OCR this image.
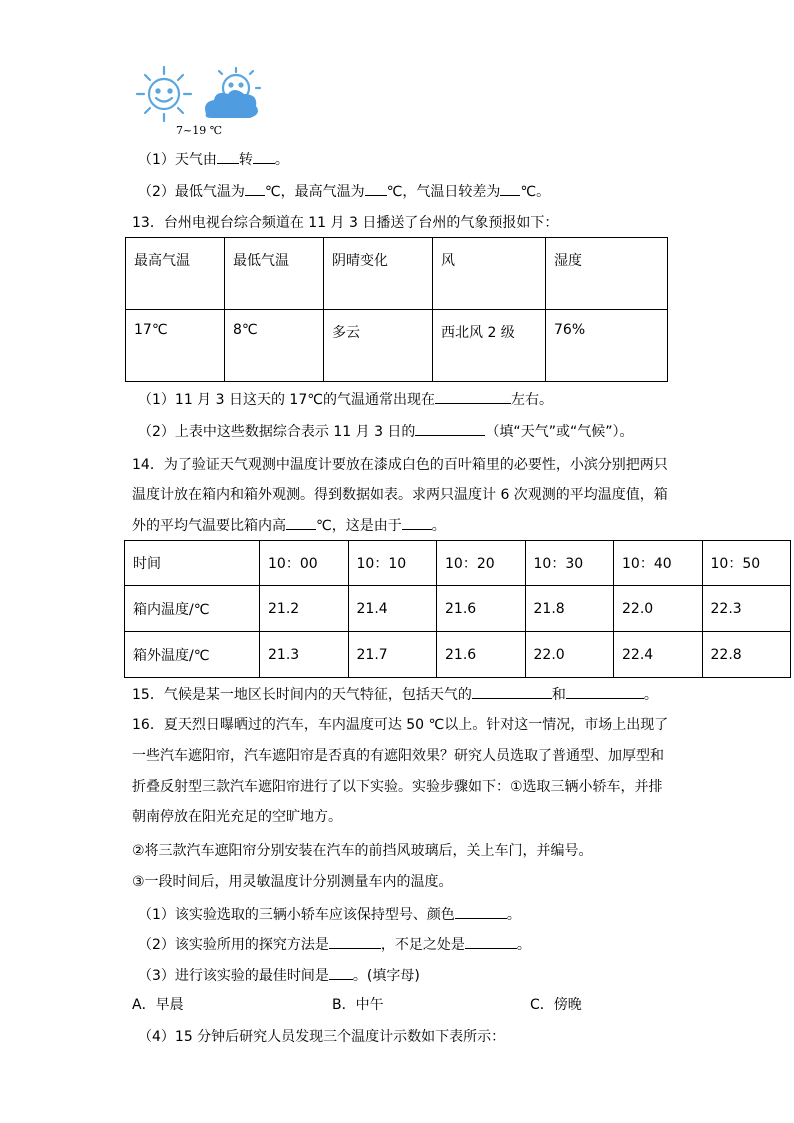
7~19 ℃
（1）天气由 转 。
（2）最低气温为 ℃，最高气温为 ℃，气温日较差为 ℃。
13．台州电视台综合频道在 11 月 3 日播送了台州的气象预报如下：
最高气温	最低气温	阴晴变化	风	湿度
17℃	8℃	多云	西北风 2 级	76%
（1）11 月 3 日这天的 17℃的气温通常出现在	左右。
（2）上表中这些数据综合表示 11 月 3 日的	（填“天气”或“气候”）。
14．为了验证天气观测中温度计要放在漆成白色的百叶箱里的必要性，小滨分别把两只
温度计放在箱内和箱外观测。得到数据如表。求两只温度计 6 次观测的平均温度值，箱
外的平均气温要比箱内高 ℃，这是由于 。
时间	10：00	10：10	10：20	10：30	10：40	10：50
箱内温度/℃	21.2	21.4	21.6	21.8	22.0	22.3
箱外温度/℃	21.3	21.7	21.6	22.0	22.4	22.8
15．气候是某一地区长时间内的天气特征，包括天气的	和	。
16．夏天烈日曝晒过的汽车，车内温度可达 50 ℃以上。针对这一情况，市场上出现了
一些汽车遮阳帘，汽车遮阳帘是否真的有遮阳效果？研究人员选取了普通型、加厚型和
折叠反射型三款汽车遮阳帘进行了以下实验。实验步骤如下：①选取三辆小轿车，并排
朝南停放在阳光充足的空旷地方。
②将三款汽车遮阳帘分别安装在汽车的前挡风玻璃后，关上车门，并编号。
③一段时间后，用灵敏温度计分别测量车内的温度。
（1）该实验选取的三辆小轿车应该保持型号、颜色	。
（2）该实验所用的探究方法是	，不足之处是	。
（3）进行该实验的最佳时间是 。(填字母)
A．早晨	B．中午	C．傍晚
（4）15 分钟后研究人员发现三个温度计示数如下表所示：
